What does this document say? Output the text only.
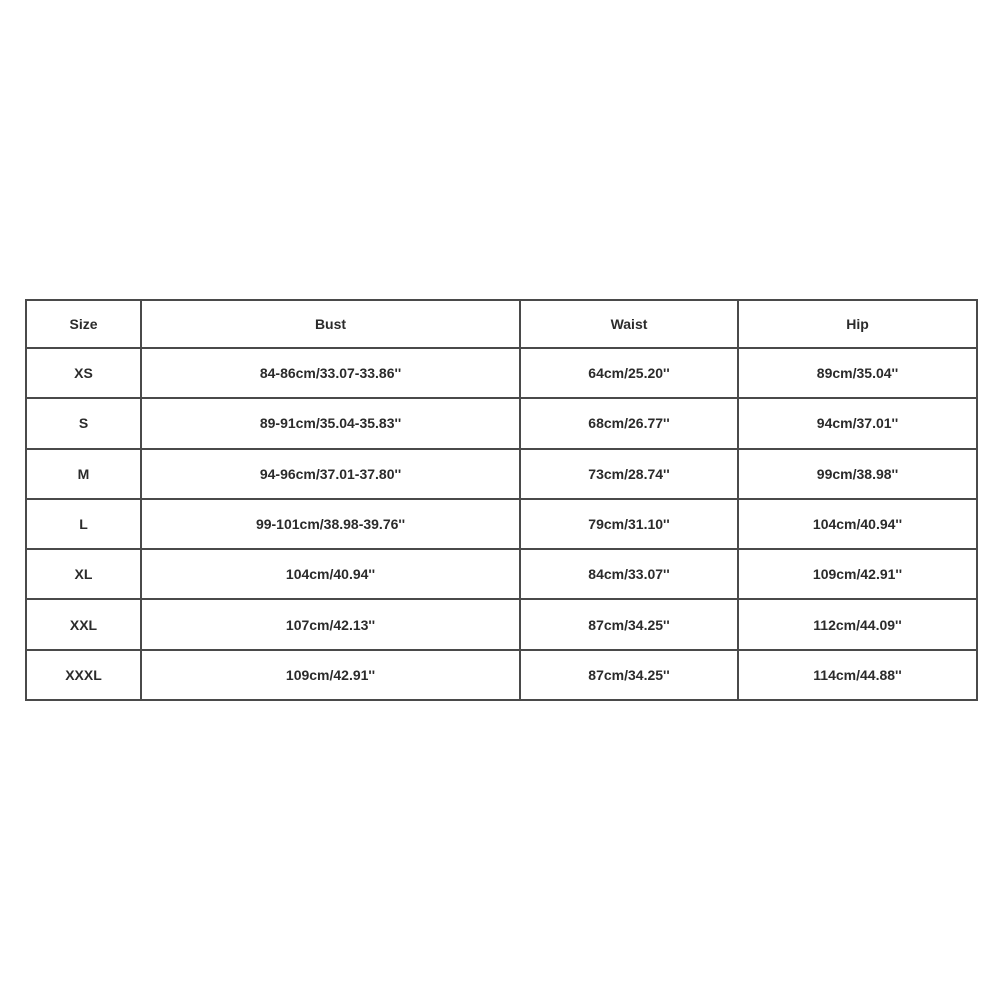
Size	Bust	Waist	Hip
XS	84-86cm/33.07-33.86''	64cm/25.20''	89cm/35.04''
S	89-91cm/35.04-35.83''	68cm/26.77''	94cm/37.01''
M	94-96cm/37.01-37.80''	73cm/28.74''	99cm/38.98''
L	99-101cm/38.98-39.76''	79cm/31.10''	104cm/40.94''
XL	104cm/40.94''	84cm/33.07''	109cm/42.91''
XXL	107cm/42.13''	87cm/34.25''	112cm/44.09''
XXXL	109cm/42.91''	87cm/34.25''	114cm/44.88''
